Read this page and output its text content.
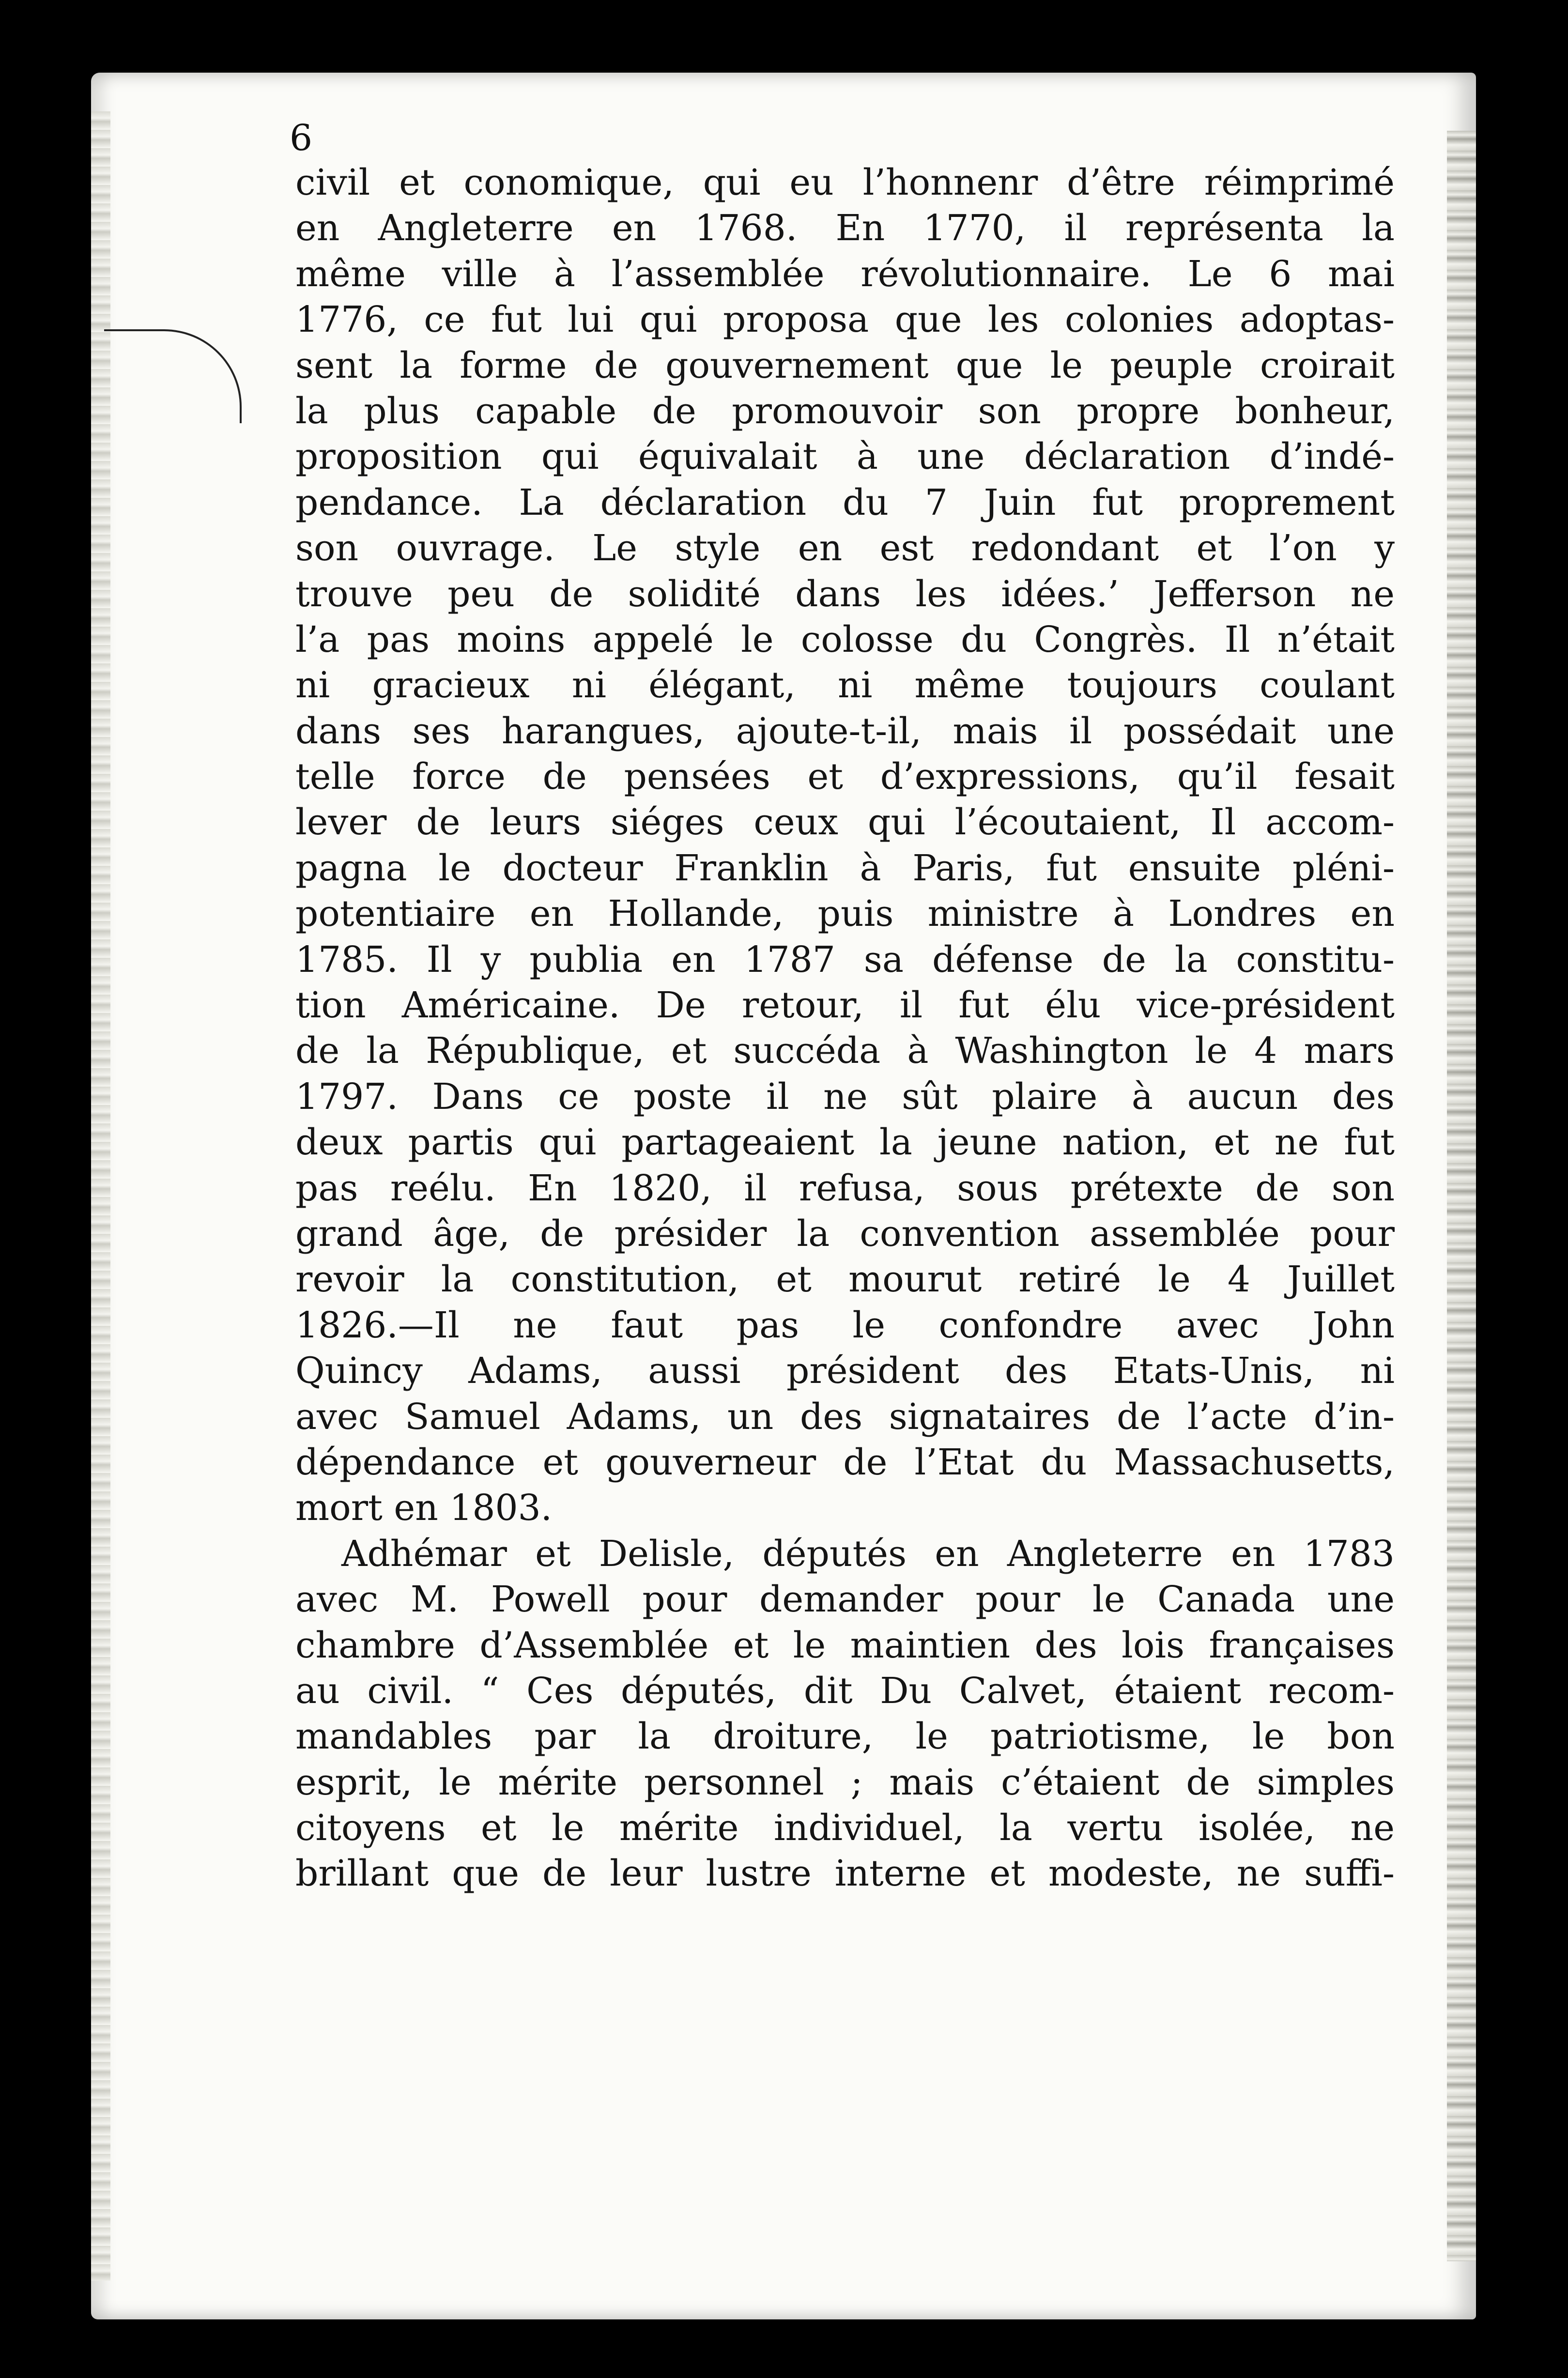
6
civil et conomique, qui eu l’honnenr d’être réimprimé
en Angleterre en 1768. En 1770, il représenta la
même ville à l’assemblée révolutionnaire. Le 6 mai
1776, ce fut lui qui proposa que les colonies adoptas-
sent la forme de gouvernement que le peuple croirait
la plus capable de promouvoir son propre bonheur,
proposition qui équivalait à une déclaration d’indé-
pendance. La déclaration du 7 Juin fut proprement
son ouvrage. Le style en est redondant et l’on y
trouve peu de solidité dans les idées.’ Jefferson ne
l’a pas moins appelé le colosse du Congrès. Il n’était
ni gracieux ni élégant, ni même toujours coulant
dans ses harangues, ajoute-t-il, mais il possédait une
telle force de pensées et d’expressions, qu’il fesait
lever de leurs siéges ceux qui l’écoutaient, Il accom-
pagna le docteur Franklin à Paris, fut ensuite pléni-
potentiaire en Hollande, puis ministre à Londres en
1785. Il y publia en 1787 sa défense de la constitu-
tion Américaine. De retour, il fut élu vice-président
de la République, et succéda à Washington le 4 mars
1797. Dans ce poste il ne sût plaire à aucun des
deux partis qui partageaient la jeune nation, et ne fut
pas reélu. En 1820, il refusa, sous prétexte de son
grand âge, de présider la convention assemblée pour
revoir la constitution, et mourut retiré le 4 Juillet
1826.—Il ne faut pas le confondre avec John
Quincy Adams, aussi président des Etats-Unis, ni
avec Samuel Adams, un des signataires de l’acte d’in-
dépendance et gouverneur de l’Etat du Massachusetts,
mort en 1803.
Adhémar et Delisle, députés en Angleterre en 1783
avec M. Powell pour demander pour le Canada une
chambre d’Assemblée et le maintien des lois françaises
au civil. “ Ces députés, dit Du Calvet, étaient recom-
mandables par la droiture, le patriotisme, le bon
esprit, le mérite personnel ; mais c’étaient de simples
citoyens et le mérite individuel, la vertu isolée, ne
brillant que de leur lustre interne et modeste, ne suffi-
